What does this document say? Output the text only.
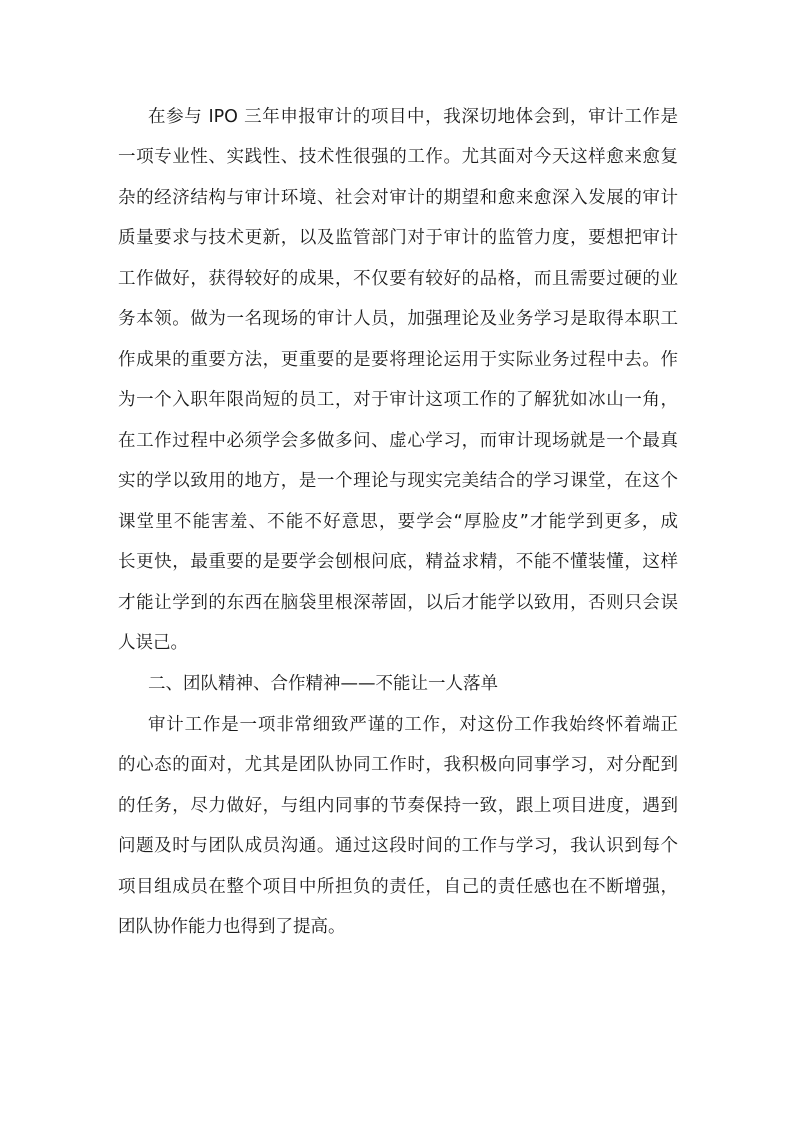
在参与 IPO 三年申报审计的项目中，我深切地体会到，审计工作是
一项专业性、实践性、技术性很强的工作。尤其面对今天这样愈来愈复
杂的经济结构与审计环境、社会对审计的期望和愈来愈深入发展的审计
质量要求与技术更新，以及监管部门对于审计的监管力度，要想把审计
工作做好，获得较好的成果，不仅要有较好的品格，而且需要过硬的业
务本领。做为一名现场的审计人员，加强理论及业务学习是取得本职工
作成果的重要方法，更重要的是要将理论运用于实际业务过程中去。作
为一个入职年限尚短的员工，对于审计这项工作的了解犹如冰山一角，
在工作过程中必须学会多做多问、虚心学习，而审计现场就是一个最真
实的学以致用的地方，是一个理论与现实完美结合的学习课堂，在这个
课堂里不能害羞、不能不好意思，要学会“厚脸皮”才能学到更多，成
长更快，最重要的是要学会刨根问底，精益求精，不能不懂装懂，这样
才能让学到的东西在脑袋里根深蒂固，以后才能学以致用，否则只会误
人误己。
二、团队精神、合作精神——不能让一人落单
审计工作是一项非常细致严谨的工作，对这份工作我始终怀着端正
的心态的面对，尤其是团队协同工作时，我积极向同事学习，对分配到
的任务，尽力做好，与组内同事的节奏保持一致，跟上项目进度，遇到
问题及时与团队成员沟通。通过这段时间的工作与学习，我认识到每个
项目组成员在整个项目中所担负的责任，自己的责任感也在不断增强，
团队协作能力也得到了提高。
